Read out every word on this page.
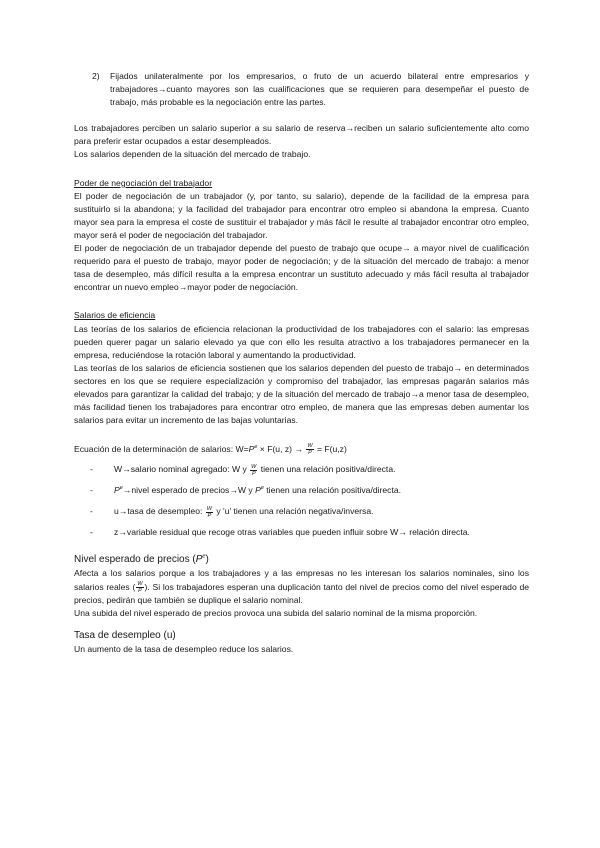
2)	Fijados unilateralmente por los empresarios, o fruto de un acuerdo bilateral entre empresarios y trabajadores→cuanto mayores son las cualificaciones que se requieren para desempeñar el puesto de trabajo, más probable es la negociación entre las partes.

Los trabajadores perciben un salario superior a su salario de reserva→reciben un salario suficientemente alto como para preferir estar ocupados a estar desempleados.

Los salarios dependen de la situación del mercado de trabajo.

Poder de negociación del trabajador

El poder de negociación de un trabajador (y, por tanto, su salario), depende de la facilidad de la empresa para sustituirlo si la abandona; y la facilidad del trabajador para encontrar otro empleo si abandona la empresa. Cuanto mayor sea para la empresa el coste de sustituir el trabajador y más fácil le resulte al trabajador encontrar otro empleo, mayor será el poder de negociación del trabajador.

El poder de negociación de un trabajador depende del puesto de trabajo que ocupe→ a mayor nivel de cualificación requerido para el puesto de trabajo, mayor poder de negociación; y de la situación del mercado de trabajo: a menor tasa de desempleo, más difícil resulta a la empresa encontrar un sustituto adecuado y más fácil resulta al trabajador encontrar un nuevo empleo→mayor poder de negociación.

Salarios de eficiencia

Las teorías de los salarios de eficiencia relacionan la productividad de los trabajadores con el salario: las empresas pueden querer pagar un salario elevado ya que con ello les resulta atractivo a los trabajadores permanecer en la empresa, reduciéndose la rotación laboral y aumentando la productividad.

Las teorías de los salarios de eficiencia sostienen que los salarios dependen del puesto de trabajo→ en determinados sectores en los que se requiere especialización y compromiso del trabajador, las empresas pagarán salarios más elevados para garantizar la calidad del trabajo; y de la situación del mercado de trabajo→a menor tasa de desempleo, más facilidad tienen los trabajadores para encontrar otro empleo, de manera que las empresas deben aumentar los salarios para evitar un incremento de las bajas voluntarias.

Ecuación de la determinación de salarios: $W=P^e \times F(u$, $z) \to \frac{W}{P} = F(u,z)$

-	W→salario nominal agregado: W y $\frac{W}{P}$ tienen una relación positiva/directa.
-	$P^e\to nivel$ esperado de precios→W y $P^e$ tienen una relación positiva/directa.
-	u→tasa de desempleo: $\frac{W}{P}$ y 'u' tienen una relación negativa/inversa.
-	z→variable residual que recoge otras variables que pueden influir sobre W→ relación directa.

Nivel esperado de precios $(P^e)$

Afecta a los salarios porque a los trabajadores y a las empresas no les interesan los salarios nominales, sino los salarios reales ( $\frac{W}{P}$ ). Si los trabajadores esperan una duplicación tanto del nivel de precios como del nivel esperado de precios, pedirán que también se duplique el salario nominal.

Una subida del nivel esperado de precios provoca una subida del salario nominal de la misma proporción.

Tasa de desempleo (u)

Un aumento de la tasa de desempleo reduce los salarios.
